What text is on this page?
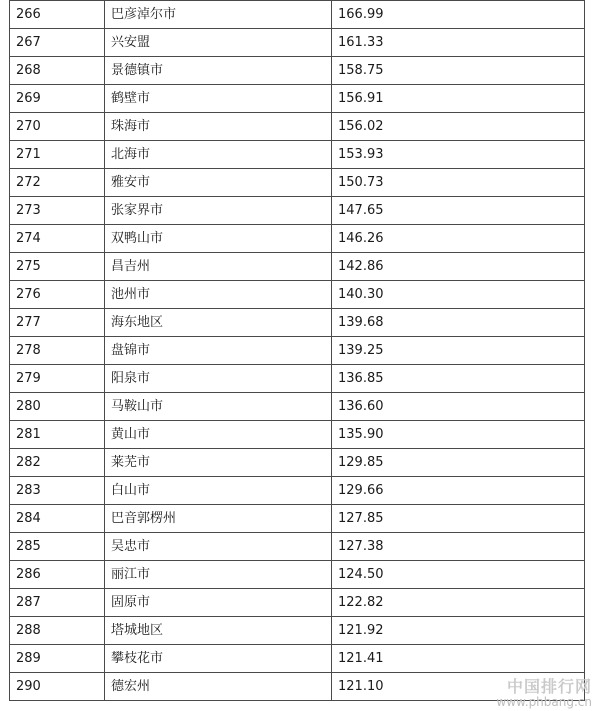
266	巴彦淖尔市	166.99
267	兴安盟	161.33
268	景德镇市	158.75
269	鹤壁市	156.91
270	珠海市	156.02
271	北海市	153.93
272	雅安市	150.73
273	张家界市	147.65
274	双鸭山市	146.26
275	昌吉州	142.86
276	池州市	140.30
277	海东地区	139.68
278	盘锦市	139.25
279	阳泉市	136.85
280	马鞍山市	136.60
281	黄山市	135.90
282	莱芜市	129.85
283	白山市	129.66
284	巴音郭楞州	127.85
285	吴忠市	127.38
286	丽江市	124.50
287	固原市	122.82
288	塔城地区	121.92
289	攀枝花市	121.41
290	德宏州	121.10	中国排行网
www.phbang.cn
